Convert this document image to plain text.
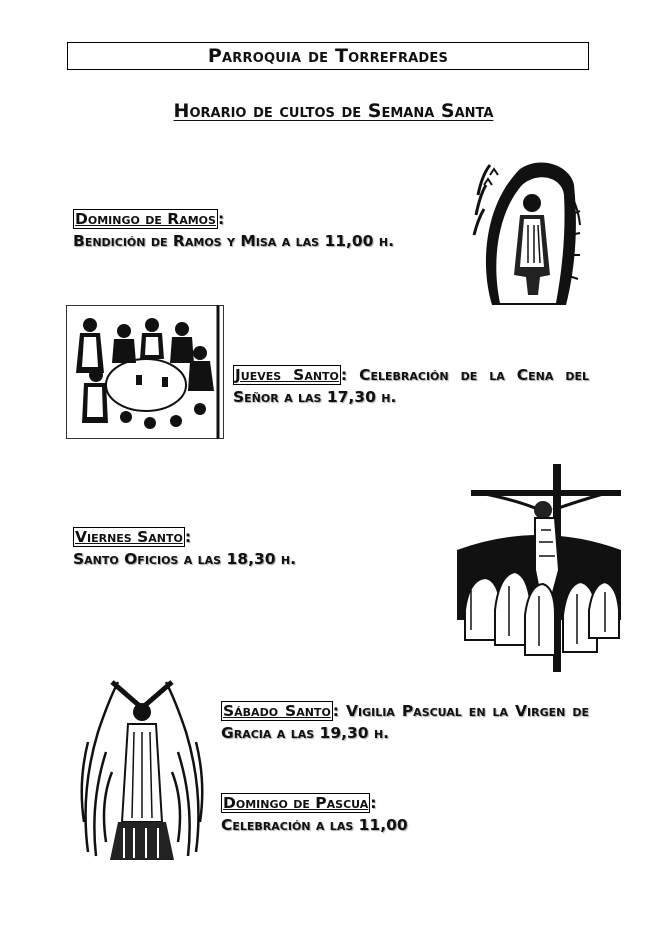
Parroquia de Torrefrades
Horario de cultos de Semana Santa
Domingo de Ramos :
Bendición de Ramos y Misa a las 11,00 h.
Jueves Santo : Celebración de la Cena del Señor a las 17,30 h.
Viernes Santo :
Santo Oficios a las 18,30 h.
Sábado Santo : Vigilia Pascual en la Virgen de Gracia a las 19,30 h.
Domingo de Pascua :
Celebración a las 11,00
